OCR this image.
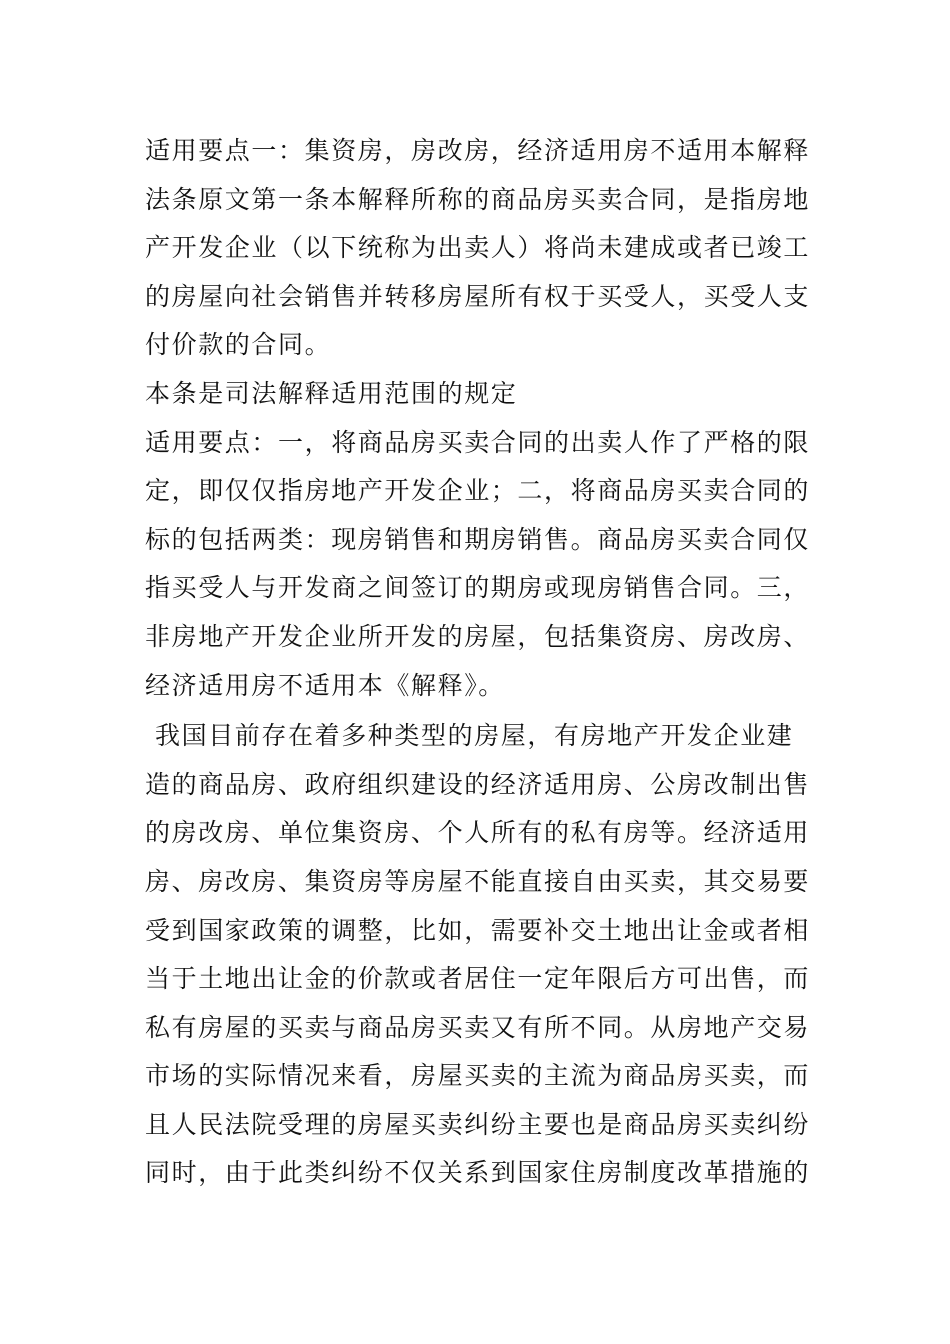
适用要点一：集资房，房改房，经济适用房不适用本解释
法条原文第一条本解释所称的商品房买卖合同，是指房地
产开发企业（以下统称为出卖人）将尚未建成或者已竣工
的房屋向社会销售并转移房屋所有权于买受人，买受人支
付价款的合同。
本条是司法解释适用范围的规定
适用要点：一，将商品房买卖合同的出卖人作了严格的限
定，即仅仅指房地产开发企业；二，将商品房买卖合同的
标的包括两类：现房销售和期房销售。商品房买卖合同仅
指买受人与开发商之间签订的期房或现房销售合同。三，
非房地产开发企业所开发的房屋，包括集资房、房改房、
经济适用房不适用本《解释》。
我国目前存在着多种类型的房屋，有房地产开发企业建
造的商品房、政府组织建设的经济适用房、公房改制出售
的房改房、单位集资房、个人所有的私有房等。经济适用
房、房改房、集资房等房屋不能直接自由买卖，其交易要
受到国家政策的调整，比如，需要补交土地出让金或者相
当于土地出让金的价款或者居住一定年限后方可出售，而
私有房屋的买卖与商品房买卖又有所不同。从房地产交易
市场的实际情况来看，房屋买卖的主流为商品房买卖，而
且人民法院受理的房屋买卖纠纷主要也是商品房买卖纠纷
同时，由于此类纠纷不仅关系到国家住房制度改革措施的
